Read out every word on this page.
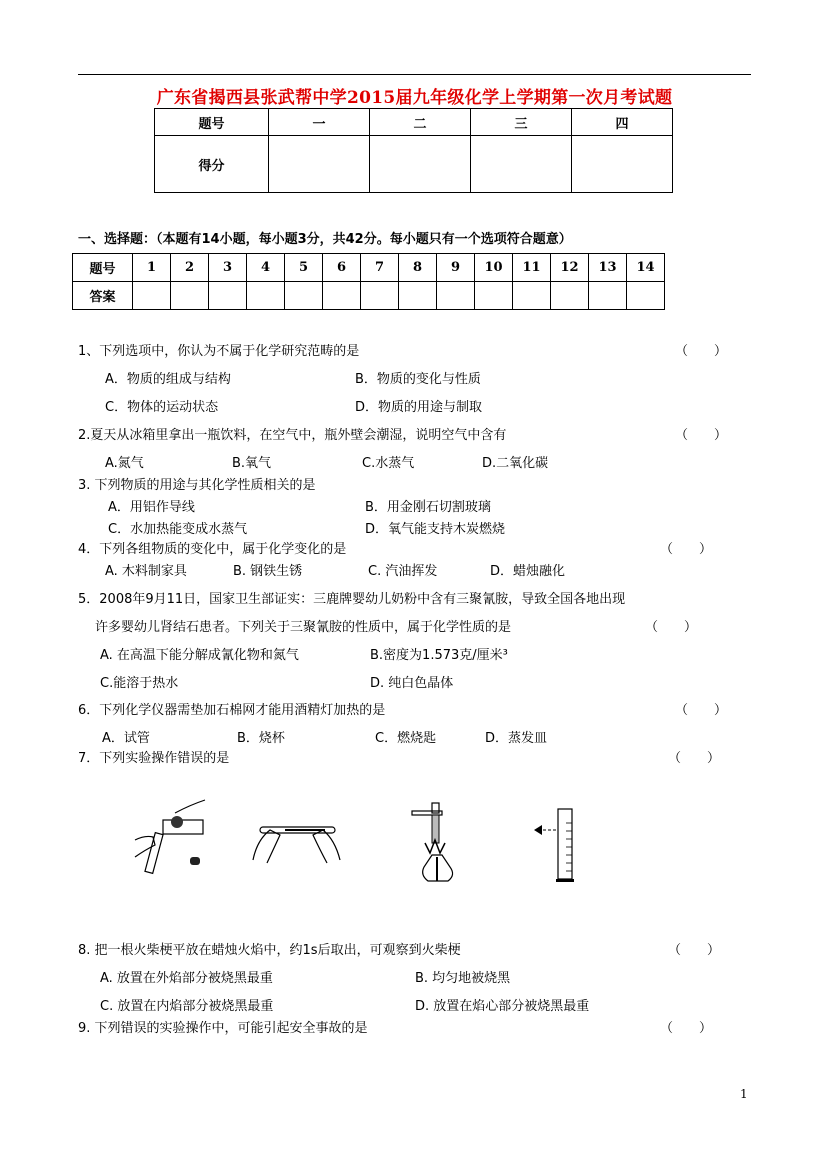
广东省揭西县张武帮中学2015届九年级化学上学期第一次月考试题
题号	一	二	三	四
得分				
一、选择题：（本题有14小题，每小题3分，共42分。每小题只有一个选项符合题意）
题号	1	2	3	4	5	6	7	8	9	10	11	12	13	14
答案														
1、下列选项中，你认为不属于化学研究范畴的是	（　　）
A．物质的组成与结构	B．物质的变化与性质
C．物体的运动状态	D．物质的用途与制取
2.夏天从冰箱里拿出一瓶饮料，在空气中，瓶外壁会潮湿，说明空气中含有	（　　）
A.氮气	B.氧气	C.水蒸气	D.二氧化碳
3. 下列物质的用途与其化学性质相关的是
A．用铝作导线	B．用金刚石切割玻璃
C．水加热能变成水蒸气	D．氧气能支持木炭燃烧
4．下列各组物质的变化中，属于化学变化的是	（　　）
A. 木料制家具	B. 钢铁生锈	C. 汽油挥发	D．蜡烛融化
5．2008年9月11日，国家卫生部证实：三鹿牌婴幼儿奶粉中含有三聚氰胺，导致全国各地出现
许多婴幼儿肾结石患者。下列关于三聚氰胺的性质中，属于化学性质的是	（　　）
A. 在高温下能分解成氰化物和氮气	B.密度为1.573克/厘米³
C.能溶于热水	D. 纯白色晶体
6．下列化学仪器需垫加石棉网才能用酒精灯加热的是	（　　）
A．试管	B．烧杯	C．燃烧匙	D．蒸发皿
7．下列实验操作错误的是	（　　）
8. 把一根火柴梗平放在蜡烛火焰中，约1s后取出，可观察到火柴梗	（　　）
A. 放置在外焰部分被烧黑最重	B. 均匀地被烧黑
C. 放置在内焰部分被烧黑最重	D. 放置在焰心部分被烧黑最重
9. 下列错误的实验操作中，可能引起安全事故的是	（　　）
1
